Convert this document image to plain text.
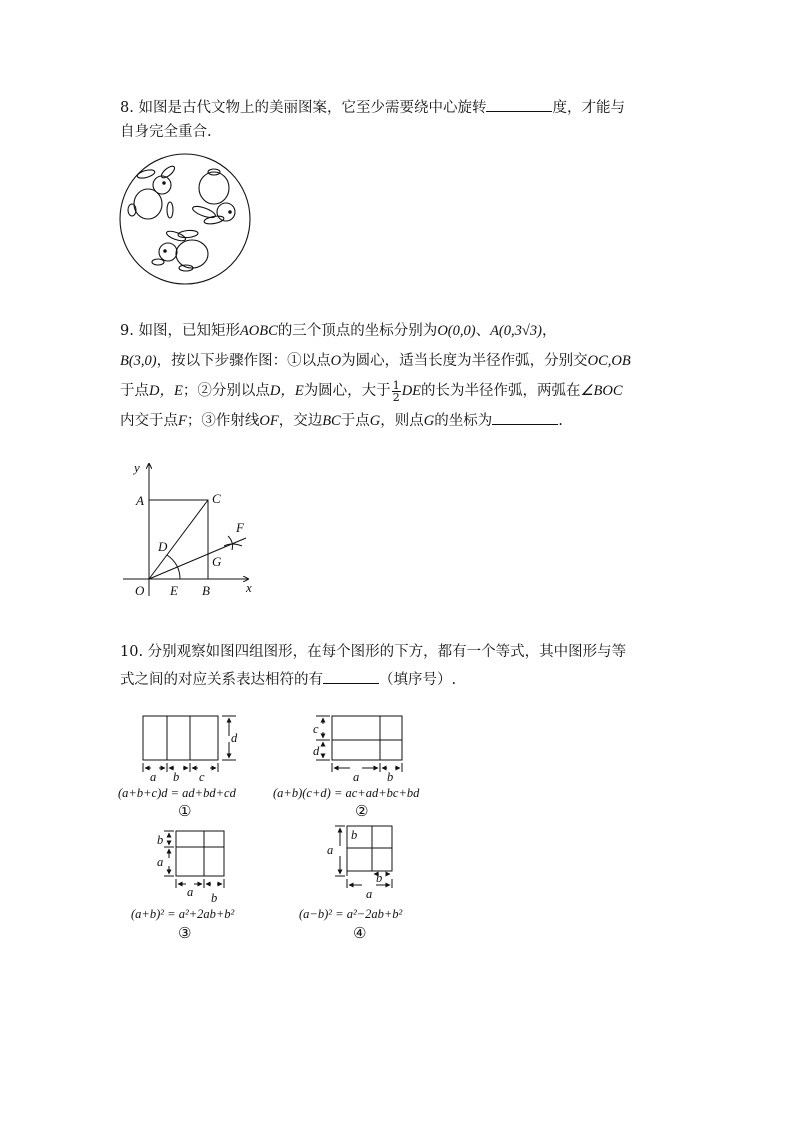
8. 如图是古代文物上的美丽图案，它至少需要绕中心旋转	度，才能与
自身完全重合.
9. 如图，已知矩形AOBC的三个顶点的坐标分别为O(0,0)、A(0,3√3)，
B(3,0)，按以下步骤作图：①以点O为圆心，适当长度为半径作弧，分别交OC,OB
于点D，E；②分别以点D，E为圆心，大于 $\frac{1}{2}$ DE的长为半径作弧，两弧在∠BOC
内交于点F；③作射线OF，交边BC于点G，则点G的坐标为	.
y
x
A	C
D
F
G
O E B
10. 分别观察如图四组图形，在每个图形的下方，都有一个等式，其中图形与等
式之间的对应关系表达相符的有	（填序号）.
d
a b c
c
d
a b
b
a
a b
b
a
b
a
(a+b+c)d = ad+bd+cd	(a+b)(c+d) = ac+ad+bc+bd
①	②
(a+b)² = a²+2ab+b²	(a−b)² = a²−2ab+b²
③	④
